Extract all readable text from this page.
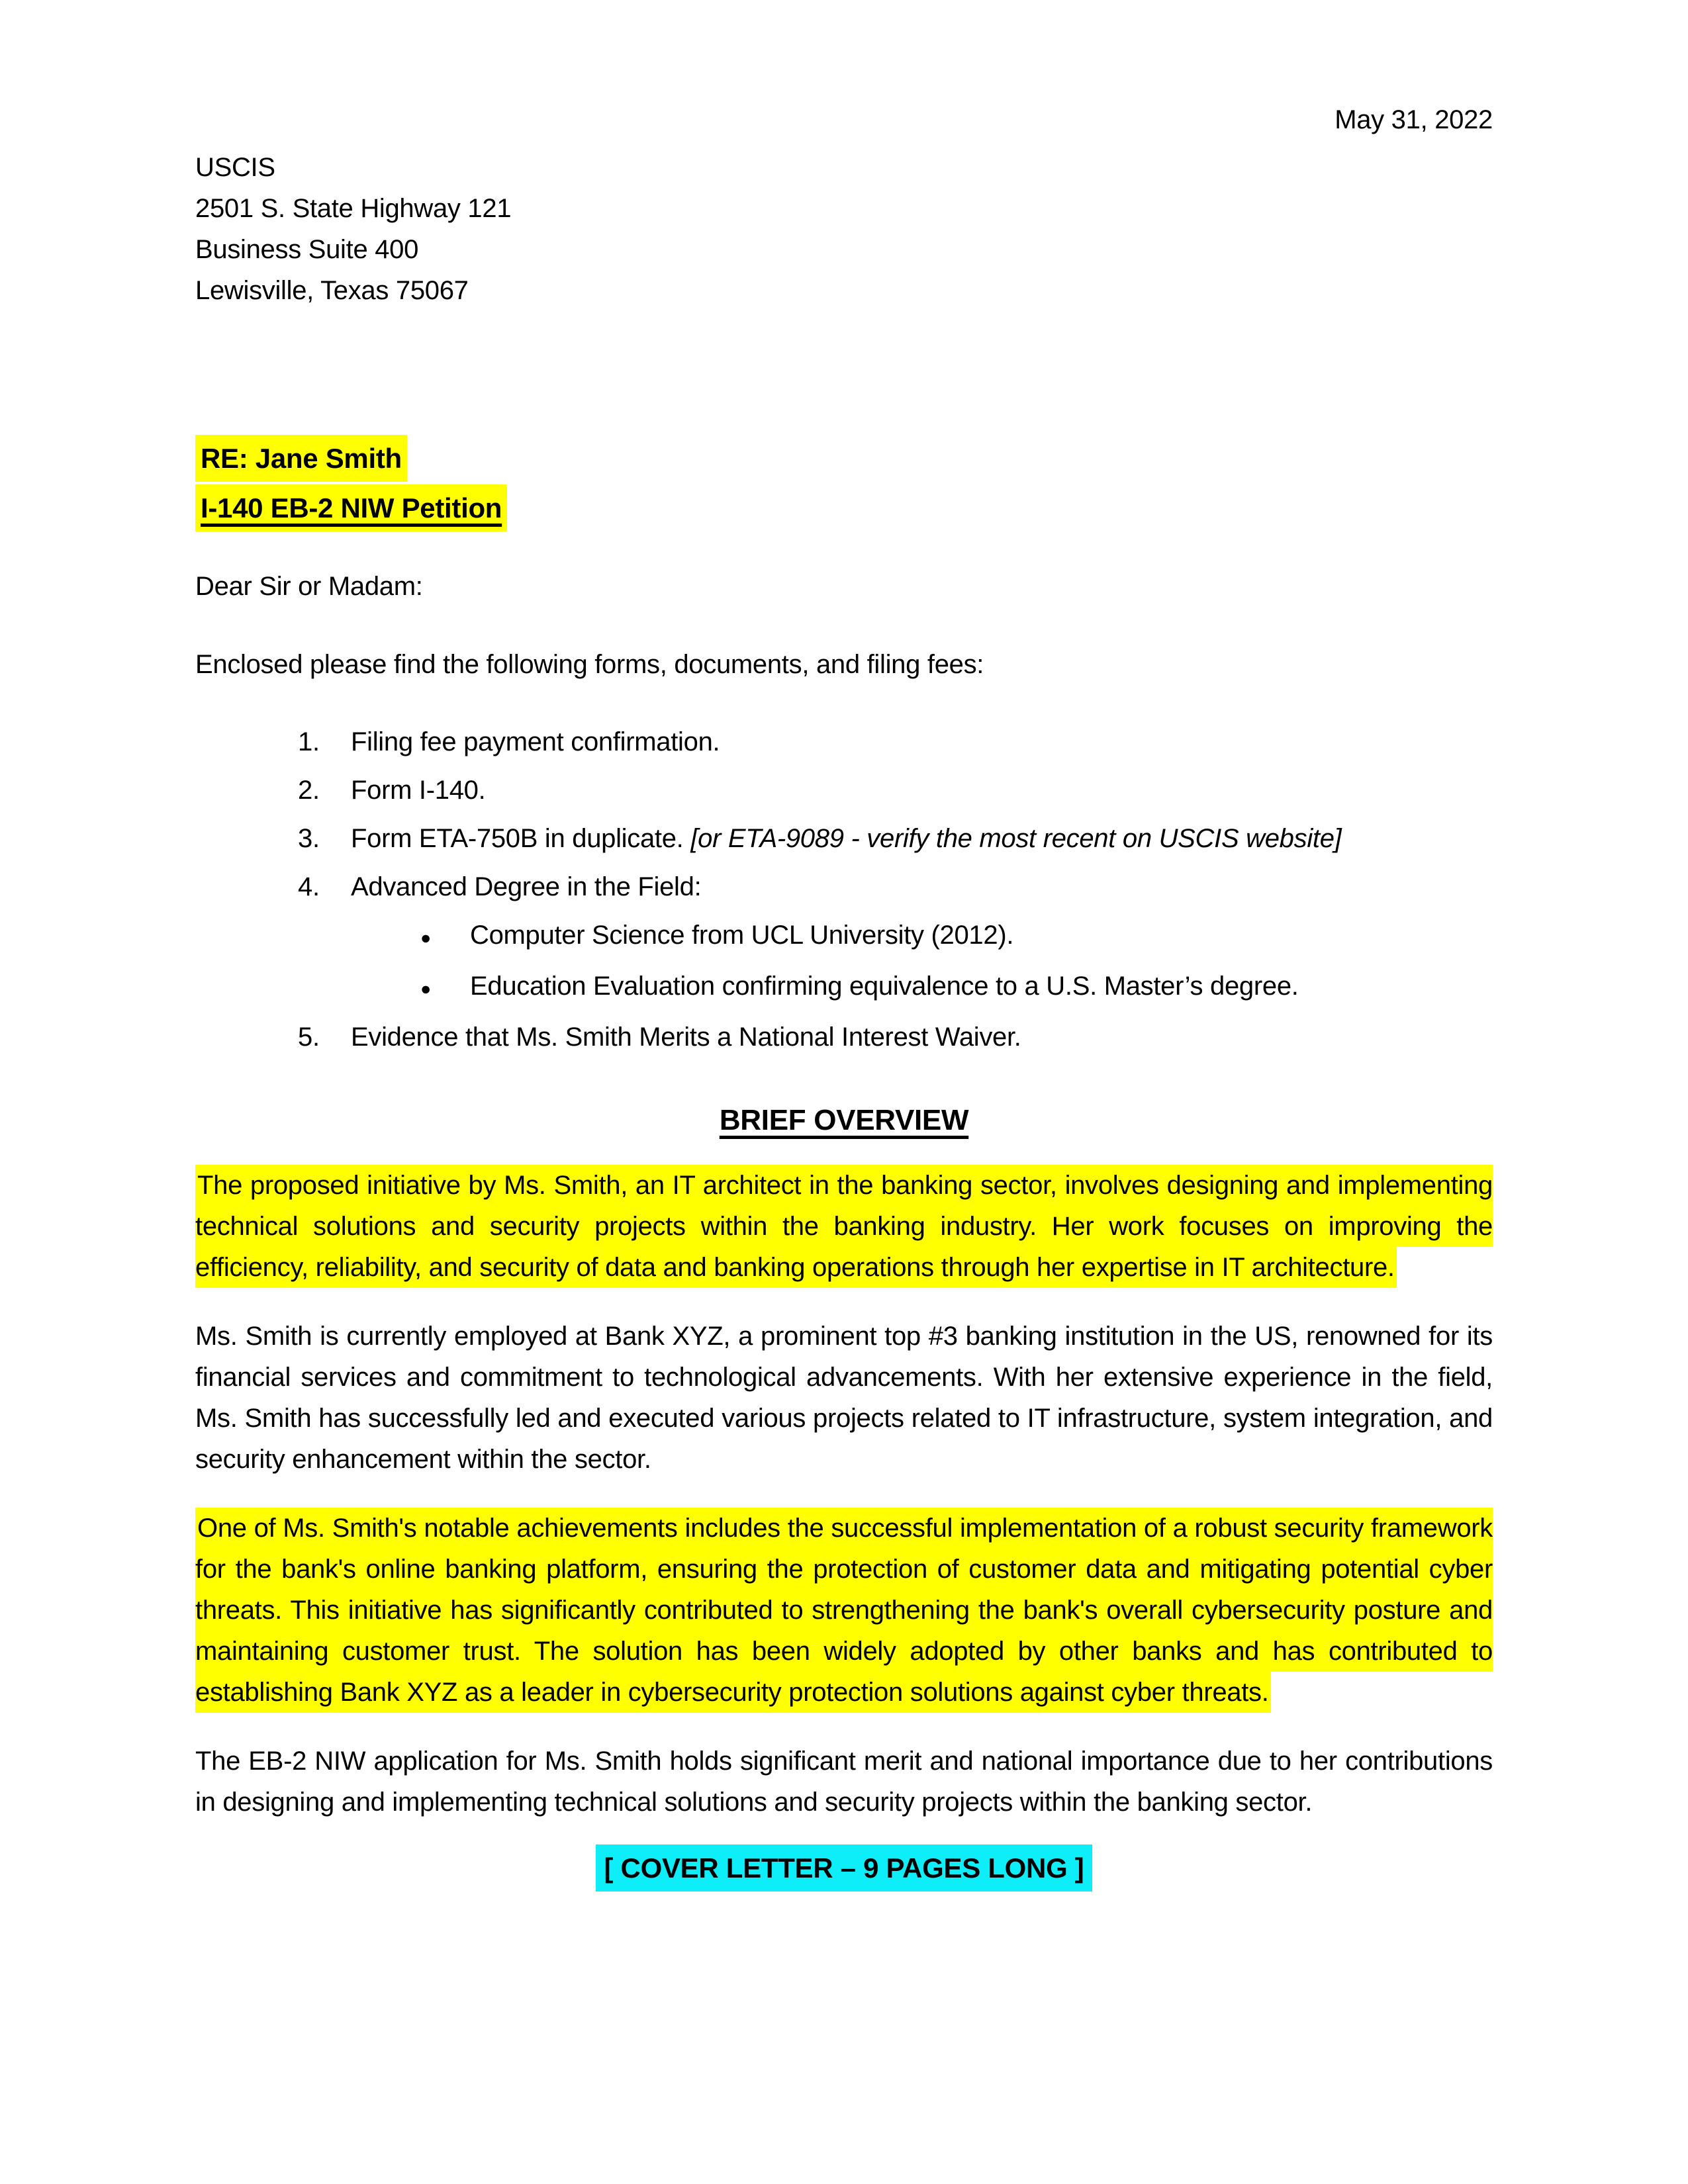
May 31, 2022
USCIS
2501 S. State Highway 121
Business Suite 400
Lewisville, Texas 75067
RE: Jane Smith
I-140 EB-2 NIW Petition
Dear Sir or Madam:
Enclosed please find the following forms, documents, and filing fees:
1.	Filing fee payment confirmation.
2.	Form I-140.
3.	Form ETA-750B in duplicate. [or ETA-9089 - verify the most recent on USCIS website]
4.	Advanced Degree in the Field:
●	Computer Science from UCL University (2012).
●	Education Evaluation confirming equivalence to a U.S. Master’s degree.
5.	Evidence that Ms. Smith Merits a National Interest Waiver.
BRIEF OVERVIEW

The proposed initiative by Ms. Smith, an IT architect in the banking sector, involves designing and implementing technical solutions and security projects within the banking industry. Her work focuses on improving the efficiency, reliability, and security of data and banking operations through her expertise in IT architecture.

Ms. Smith is currently employed at Bank XYZ, a prominent top #3 banking institution in the US, renowned for its financial services and commitment to technological advancements. With her extensive experience in the field, Ms. Smith has successfully led and executed various projects related to IT infrastructure, system integration, and security enhancement within the sector.

One of Ms. Smith's notable achievements includes the successful implementation of a robust security framework for the bank's online banking platform, ensuring the protection of customer data and mitigating potential cyber threats. This initiative has significantly contributed to strengthening the bank's overall cybersecurity posture and maintaining customer trust. The solution has been widely adopted by other banks and has contributed to establishing Bank XYZ as a leader in cybersecurity protection solutions against cyber threats.

The EB-2 NIW application for Ms. Smith holds significant merit and national importance due to her contributions in designing and implementing technical solutions and security projects within the banking sector.

[ COVER LETTER – 9 PAGES LONG ]
